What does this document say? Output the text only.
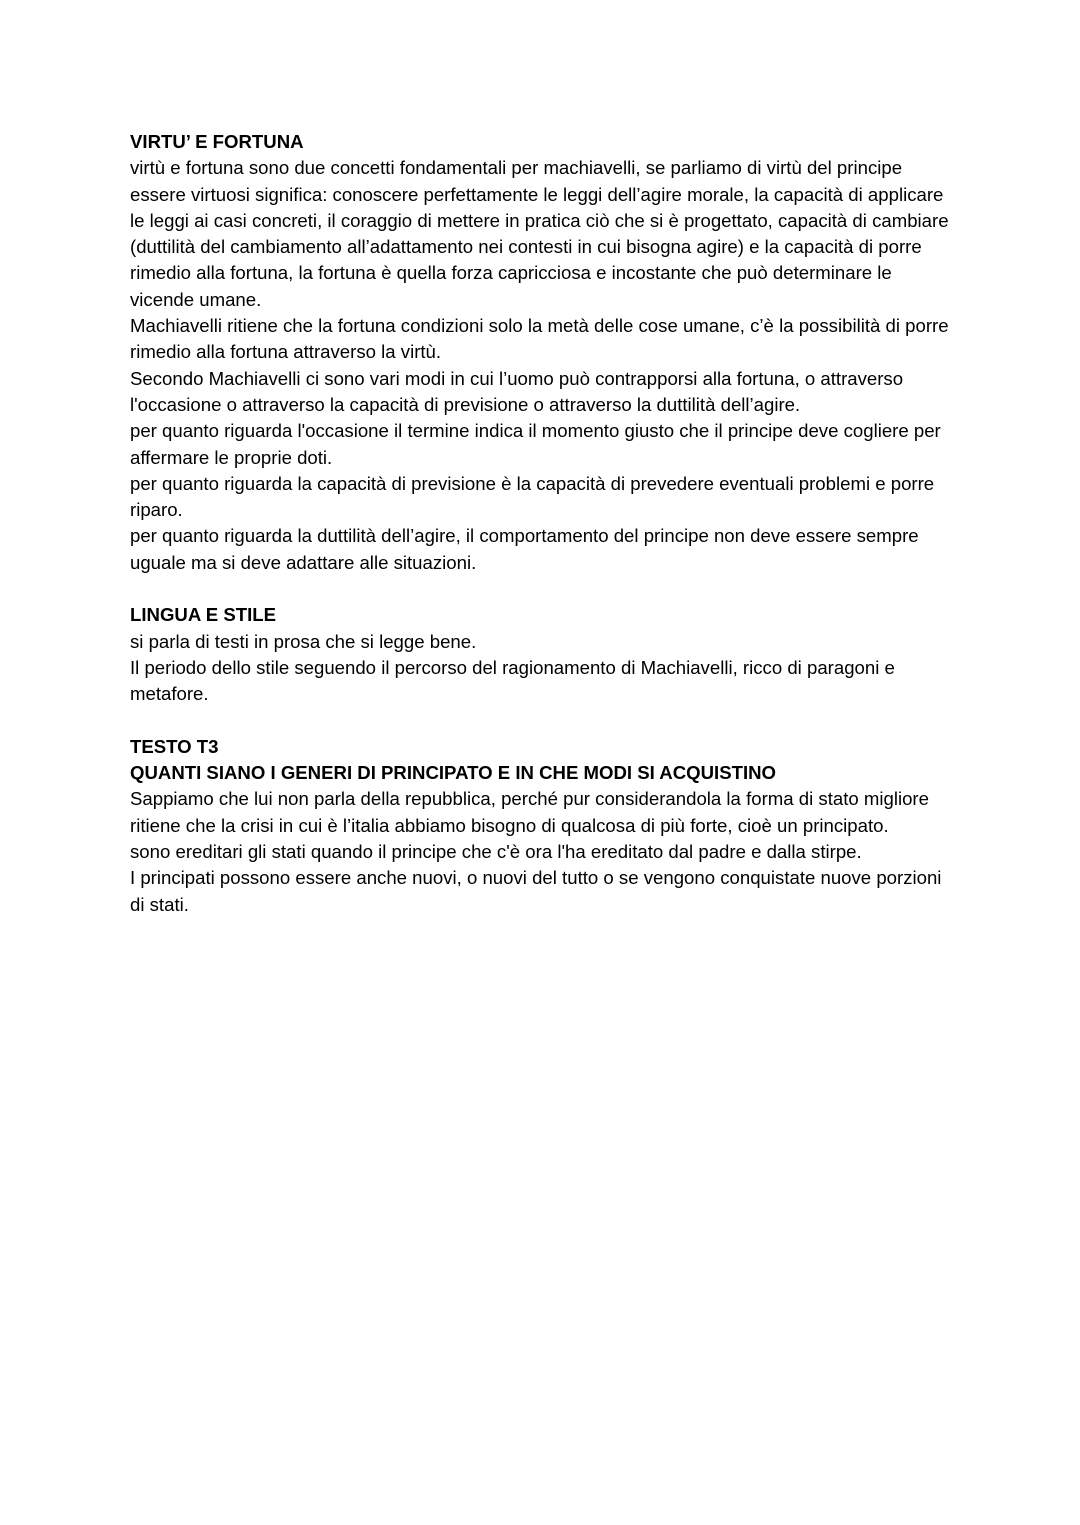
VIRTU’ E FORTUNA
virtù e fortuna sono due concetti fondamentali per machiavelli, se parliamo di virtù del principe essere virtuosi significa: conoscere perfettamente le leggi dell’agire morale, la capacità di applicare le leggi ai casi concreti, il coraggio di mettere in pratica ciò che si è progettato, capacità di cambiare (duttilità del cambiamento all’adattamento nei contesti in cui bisogna agire) e la capacità di porre rimedio alla fortuna, la fortuna è quella forza capricciosa e incostante che può determinare le vicende umane.
Machiavelli ritiene che la fortuna condizioni solo la metà delle cose umane, c’è la possibilità di porre rimedio alla fortuna attraverso la virtù.
Secondo Machiavelli ci sono vari modi in cui l’uomo può contrapporsi alla fortuna, o attraverso l'occasione o attraverso la capacità di previsione o attraverso la duttilità dell’agire.
per quanto riguarda l'occasione il termine indica il momento giusto che il principe deve cogliere per affermare le proprie doti.
per quanto riguarda la capacità di previsione è la capacità di prevedere eventuali problemi e porre riparo.
per quanto riguarda la duttilità dell’agire, il comportamento del principe non deve essere sempre uguale ma si deve adattare alle situazioni.
LINGUA E STILE
si parla di testi in prosa che si legge bene.
Il periodo dello stile seguendo il percorso del ragionamento di Machiavelli, ricco di paragoni e metafore.
TESTO T3
QUANTI SIANO I GENERI DI PRINCIPATO E IN CHE MODI SI ACQUISTINO
Sappiamo che lui non parla della repubblica, perché pur considerandola la forma di stato migliore ritiene che la crisi in cui è l’italia abbiamo bisogno di qualcosa di più forte, cioè un principato.
sono ereditari gli stati quando il principe che c'è ora l'ha ereditato dal padre e dalla stirpe.
I principati possono essere anche nuovi, o nuovi del tutto o se vengono conquistate nuove porzioni di stati.
